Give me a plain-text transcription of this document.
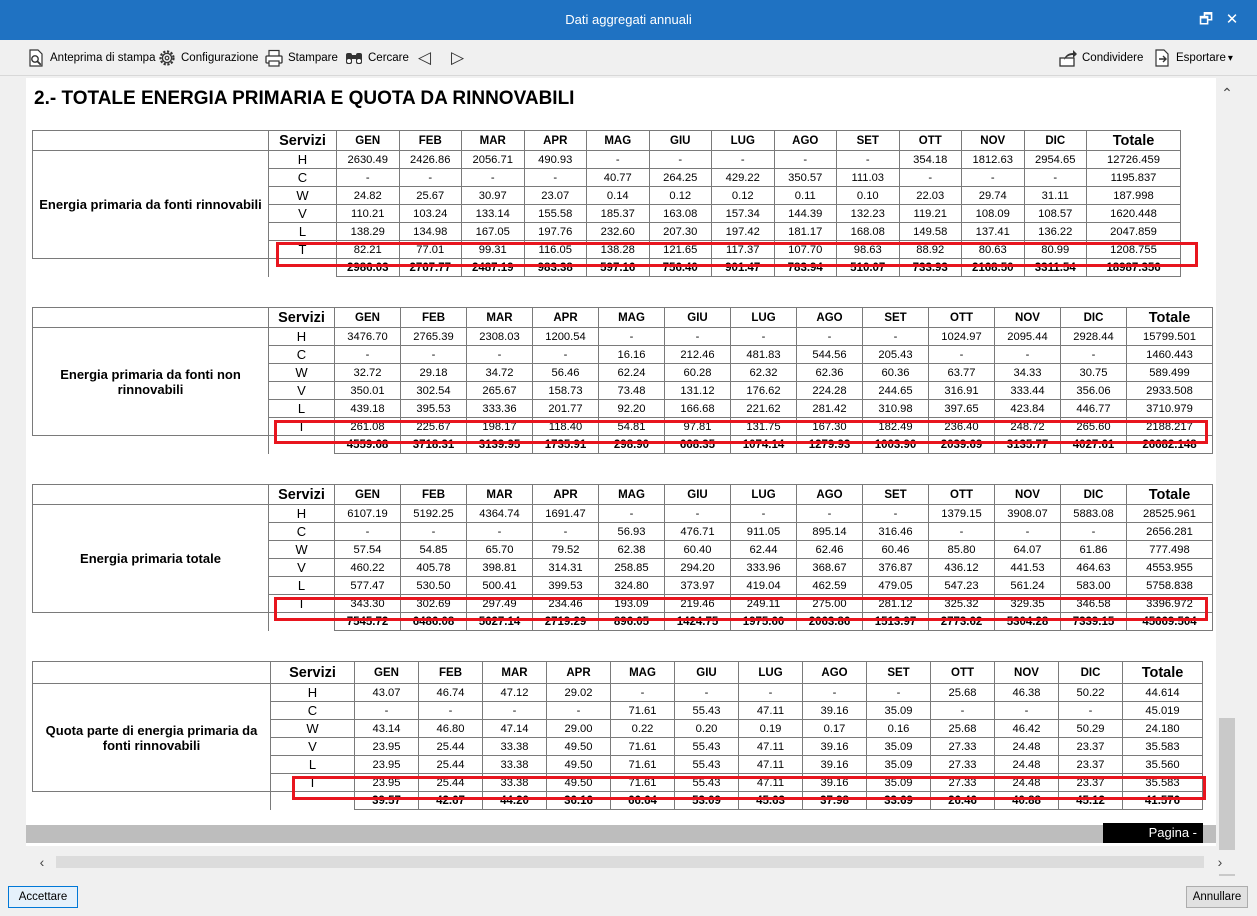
Dati aggregati annuali	🗗 ✕
Anteprima di stampa Configurazione	Stampare	Cercare ◁ ▷	Condividere	Esportare ▾
2.- TOTALE ENERGIA PRIMARIA E QUOTA DA RINNOVABILI
	Servizi	GEN	FEB	MAR	APR	MAG	GIU	LUG	AGO	SET	OTT	NOV	DIC	Totale
Energia primaria da fonti rinnovabili	H	2630.49	2426.86	2056.71	490.93	-	-	-	-	-	354.18	1812.63	2954.65	12726.459
	C	-	-	-	-	40.77	264.25	429.22	350.57	111.03	-	-	-	1195.837
	W	24.82	25.67	30.97	23.07	0.14	0.12	0.12	0.11	0.10	22.03	29.74	31.11	187.998
	V	110.21	103.24	133.14	155.58	185.37	163.08	157.34	144.39	132.23	119.21	108.09	108.57	1620.448
	L	138.29	134.98	167.05	197.76	232.60	207.30	197.42	181.17	168.08	149.58	137.41	136.22	2047.859
	T	82.21	77.01	99.31	116.05	138.28	121.65	117.37	107.70	98.63	88.92	80.63	80.99	1208.755
		2986.03	2767.77	2487.19	983.38	597.16	756.40	901.47	783.94	510.07	733.93	2168.50	3311.54	18987.356
	Servizi	GEN	FEB	MAR	APR	MAG	GIU	LUG	AGO	SET	OTT	NOV	DIC	Totale
Energia primaria da fonti non rinnovabili	H	3476.70	2765.39	2308.03	1200.54	-	-	-	-	-	1024.97	2095.44	2928.44	15799.501
	C	-	-	-	-	16.16	212.46	481.83	544.56	205.43	-	-	-	1460.443
	W	32.72	29.18	34.72	56.46	62.24	60.28	62.32	62.36	60.36	63.77	34.33	30.75	589.499
	V	350.01	302.54	265.67	158.73	73.48	131.12	176.62	224.28	244.65	316.91	333.44	356.06	2933.508
	L	439.18	395.53	333.36	201.77	92.20	166.68	221.62	281.42	310.98	397.65	423.84	446.77	3710.979
	T	261.08	225.67	198.17	118.40	54.81	97.81	131.75	167.30	182.49	236.40	248.72	265.60	2188.217
		4559.68	3718.31	3139.95	1735.91	298.90	668.35	1074.14	1279.93	1003.90	2039.69	3135.77	4027.61	26682.148
	Servizi	GEN	FEB	MAR	APR	MAG	GIU	LUG	AGO	SET	OTT	NOV	DIC	Totale
Energia primaria totale	H	6107.19	5192.25	4364.74	1691.47	-	-	-	-	-	1379.15	3908.07	5883.08	28525.961
	C	-	-	-	-	56.93	476.71	911.05	895.14	316.46	-	-	-	2656.281
	W	57.54	54.85	65.70	79.52	62.38	60.40	62.44	62.46	60.46	85.80	64.07	61.86	777.498
	V	460.22	405.78	398.81	314.31	258.85	294.20	333.96	368.67	376.87	436.12	441.53	464.63	4553.955
	L	577.47	530.50	500.41	399.53	324.80	373.97	419.04	462.59	479.05	547.23	561.24	583.00	5758.838
	T	343.30	302.69	297.49	234.46	193.09	219.46	249.11	275.00	281.12	325.32	329.35	346.58	3396.972
		7545.72	6486.08	5627.14	2719.29	896.05	1424.75	1975.60	2063.86	1513.97	2773.62	5304.28	7339.15	45669.504
	Servizi	GEN	FEB	MAR	APR	MAG	GIU	LUG	AGO	SET	OTT	NOV	DIC	Totale
Quota parte di energia primaria da fonti rinnovabili	H	43.07	46.74	47.12	29.02	-	-	-	-	-	25.68	46.38	50.22	44.614
	C	-	-	-	-	71.61	55.43	47.11	39.16	35.09	-	-	-	45.019
	W	43.14	46.80	47.14	29.00	0.22	0.20	0.19	0.17	0.16	25.68	46.42	50.29	24.180
	V	23.95	25.44	33.38	49.50	71.61	55.43	47.11	39.16	35.09	27.33	24.48	23.37	35.583
	L	23.95	25.44	33.38	49.50	71.61	55.43	47.11	39.16	35.09	27.33	24.48	23.37	35.560
	T	23.95	25.44	33.38	49.50	71.61	55.43	47.11	39.16	35.09	27.33	24.48	23.37	35.583
		39.57	42.67	44.20	36.16	66.64	53.09	45.63	37.98	33.69	26.46	40.88	45.12	41.576
Pagina -
⌃
‹	›
Accettare	Annullare
